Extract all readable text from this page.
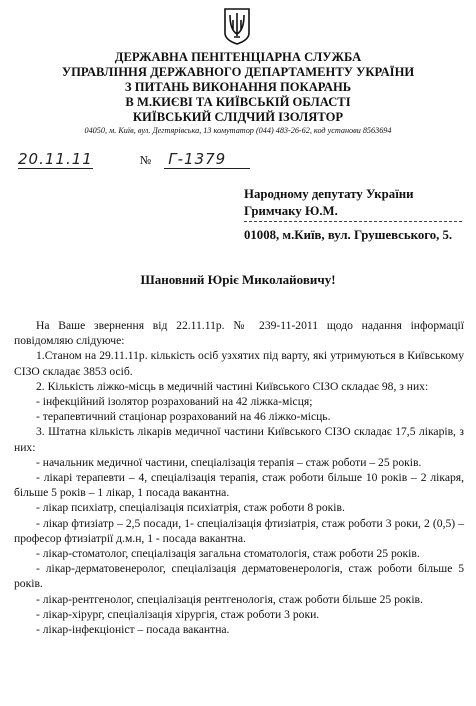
ДЕРЖАВНА ПЕНІТЕНЦІАРНА СЛУЖБА
УПРАВЛІННЯ ДЕРЖАВНОГО ДЕПАРТАМЕНТУ УКРАЇНИ
З ПИТАНЬ ВИКОНАННЯ ПОКАРАНЬ
В М.КИЄВІ ТА КИЇВСЬКІЙ ОБЛАСТІ
КИЇВСЬКИЙ СЛІДЧИЙ ІЗОЛЯТОР
04050, м. Київ, вул. Дегтярівська, 13 комутатор (044) 483-26-62, код установи 8563694
20.11.11	№ Г-1379
Народному депутату України
Гримчаку Ю.М.
01008, м.Київ, вул. Грушевського, 5.
Шановний Юріє Миколайовичу!

На Ваше звернення від 22.11.11р. № 239-11-2011 щодо надання інформації повідомляю слідуюче:

1.Станом на 29.11.11р. кількість осіб узхятих під варту, які утримуються в Київському СІЗО складає 3853 осіб.

2. Кількість ліжко-місць в медичній частині Київського СІЗО складає 98, з них:

- інфекційний ізолятор розрахований на 42 ліжка-місця;

- терапевтичний стаціонар розрахований на 46 ліжко-місць.

3. Штатна кількість лікарів медичної частини Київського СІЗО складає 17,5 лікарів, з них:

- начальник медичної частини, спеціалізація терапія – стаж роботи – 25 років.

- лікарі терапевти – 4, спеціалізація терапія, стаж роботи більше 10 років – 2 лікаря, більше 5 років – 1 лікар, 1 посада вакантна.

- лікар психіатр, спеціалізація психіатрія, стаж роботи 8 років.

- лікар фтизіатр – 2,5 посади, 1- спеціалізація фтизіатрія, стаж роботи 3 роки, 2 (0,5) – професор фтизіатрії д.м.н, 1 - посада вакантна.

- лікар-стоматолог, спеціалізація загальна стоматологія, стаж роботи 25 років.

- лікар-дерматовенеролог, спеціалізація дерматовенерологія, стаж роботи більше 5 років.

- лікар-рентгенолог, спеціалізація рентгенологія, стаж роботи більше 25 років.

- лікар-хірург, спеціалізація хірургія, стаж роботи 3 роки.

- лікар-інфекціоніст – посада вакантна.
